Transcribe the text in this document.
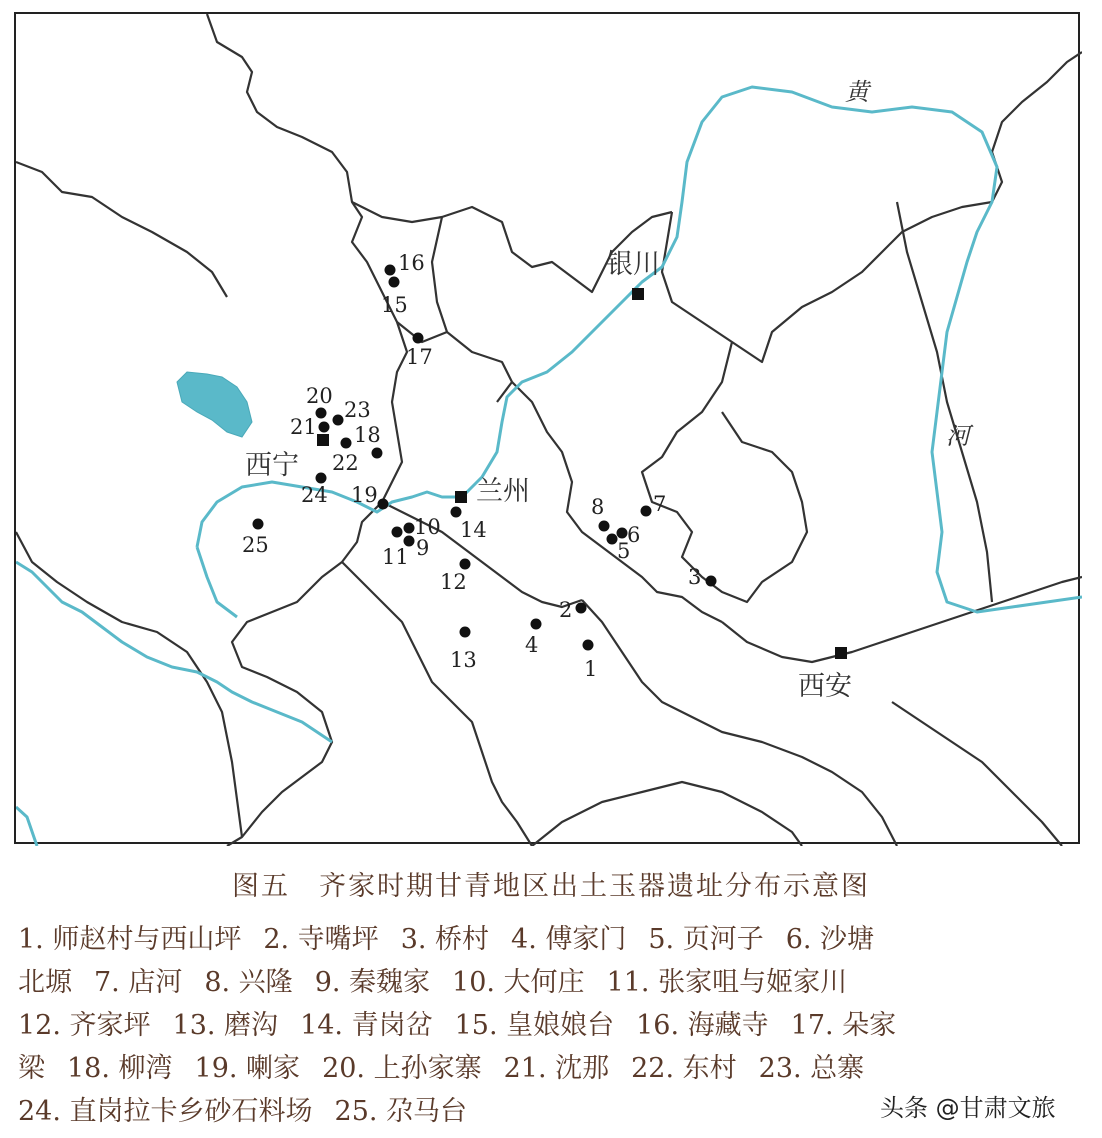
黄
河
银川
兰州
西宁
西安
1
2
3
4
5
6
7
8
9
10
11
12
13
14
15
16
17
18
19
20
21
22
23
24
25
图五　齐家时期甘青地区出土玉器遗址分布示意图
1. 师赵村与西山坪 2. 寺嘴坪 3. 桥村 4. 傅家门 5. 页河子 6. 沙塘
北塬 7. 店河 8. 兴隆 9. 秦魏家 10. 大何庄 11. 张家咀与姬家川
12. 齐家坪 13. 磨沟 14. 青岗岔 15. 皇娘娘台 16. 海藏寺 17. 朵家
梁 18. 柳湾 19. 喇家 20. 上孙家寨 21. 沈那 22. 东村 23. 总寨
24. 直岗拉卡乡砂石料场 25. 尕马台	头条 @甘肃文旅
